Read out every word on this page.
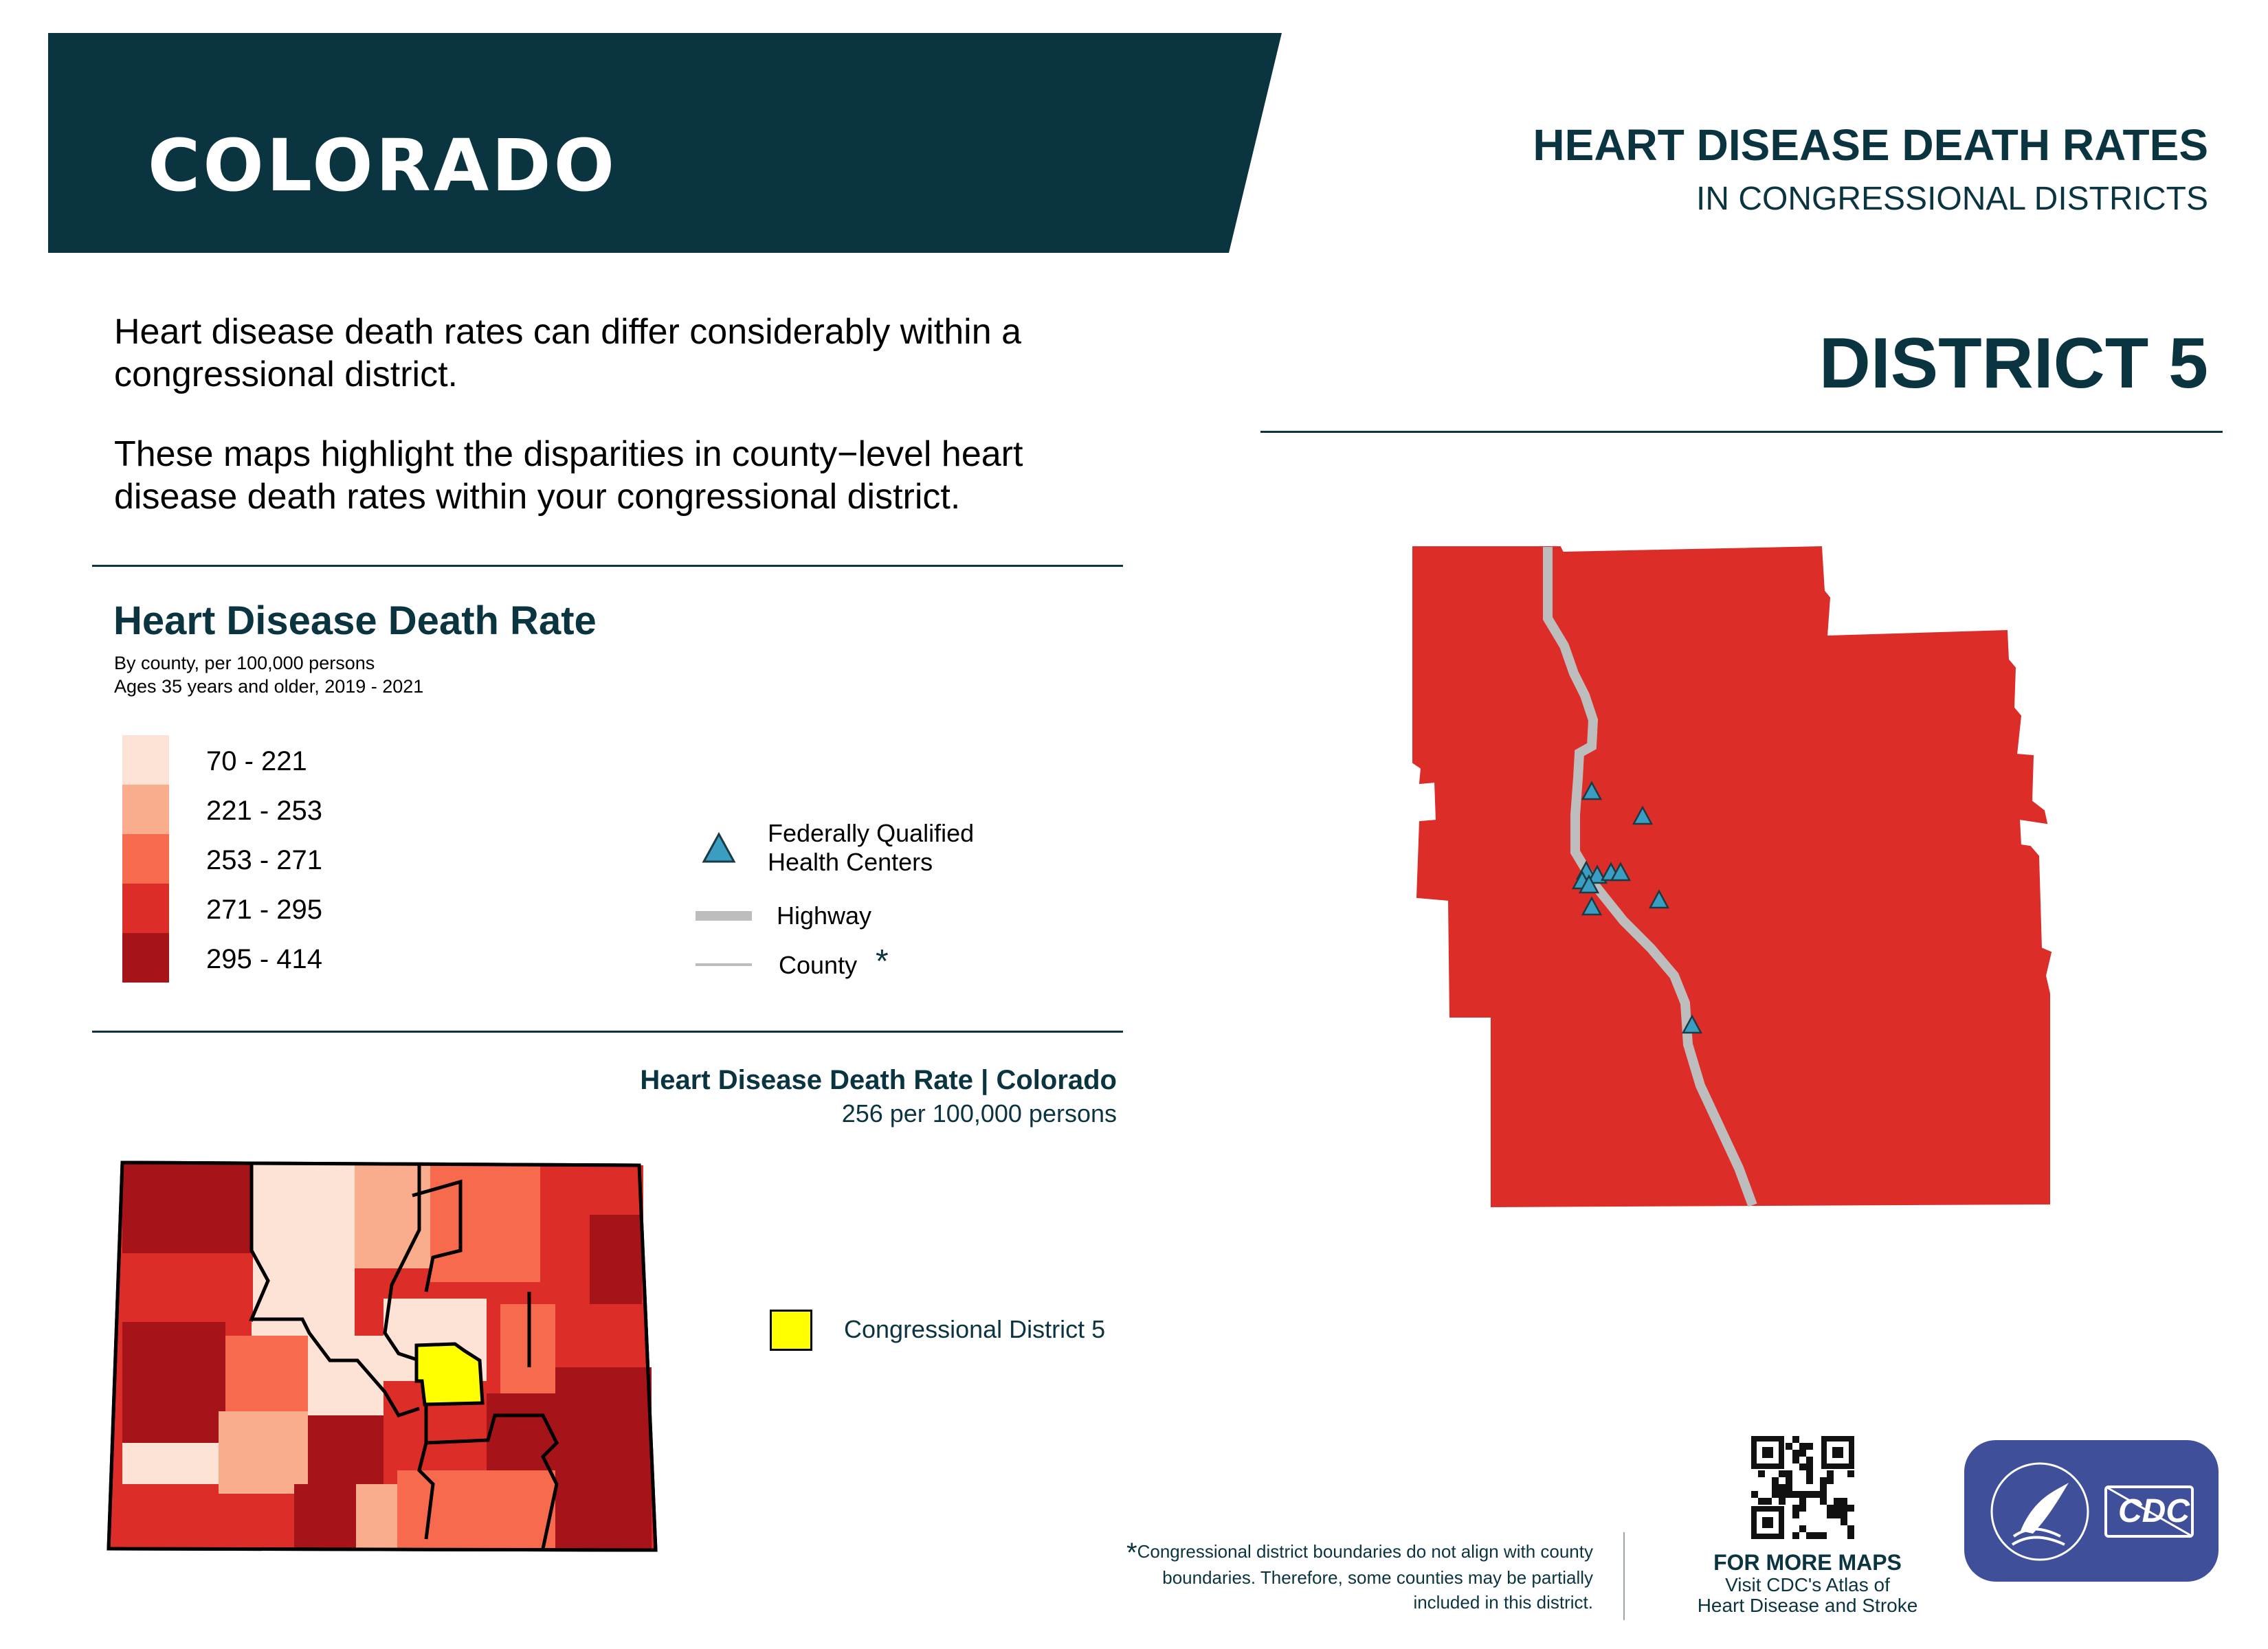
COLORADO	HEART DISEASE DEATH RATES
IN CONGRESSIONAL DISTRICTS
DISTRICT 5
Heart disease death rates can differ considerably within a congressional district.
These maps highlight the disparities in county−level heart disease death rates within your congressional district.
Heart Disease Death Rate
By county, per 100,000 persons
Ages 35 years and older, 2019 - 2021
70 - 221
221 - 253
253 - 271
271 - 295
295 - 414
Federally Qualified
Health Centers
Highway
County *
Heart Disease Death Rate | Colorado
256 per 100,000 persons
Congressional District 5
*Congressional district boundaries do not align with county boundaries. Therefore, some counties may be partially included in this district.
FOR MORE MAPS
Visit CDC's Atlas of
Heart Disease and Stroke
CDC
